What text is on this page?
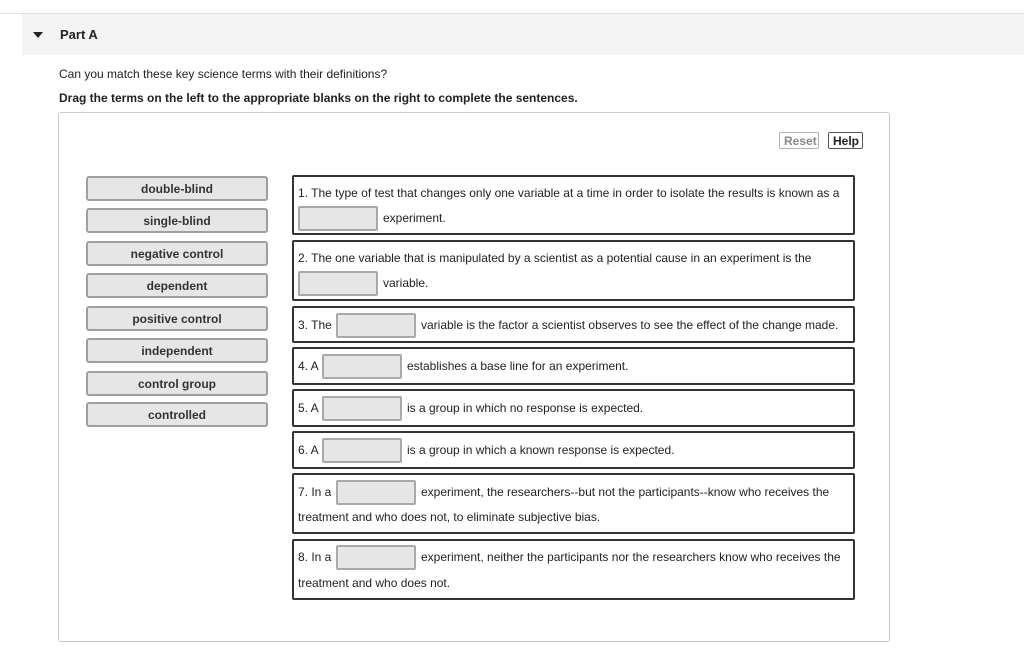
Part A
Can you match these key science terms with their definitions?
Drag the terms on the left to the appropriate blanks on the right to complete the sentences.
Reset	Help
double-blind
single-blind
negative control
dependent
positive control
independent
control group
controlled
1. The type of test that changes only one variable at a time in order to isolate the results is known as a
experiment.
2. The one variable that is manipulated by a scientist as a potential cause in an experiment is the
variable.
3. The	variable is the factor a scientist observes to see the effect of the change made.
4. A	establishes a base line for an experiment.
5. A	is a group in which no response is expected.
6. A	is a group in which a known response is expected.
7. In a	experiment, the researchers--but not the participants--know who receives the
treatment and who does not, to eliminate subjective bias.
8. In a	experiment, neither the participants nor the researchers know who receives the
treatment and who does not.
